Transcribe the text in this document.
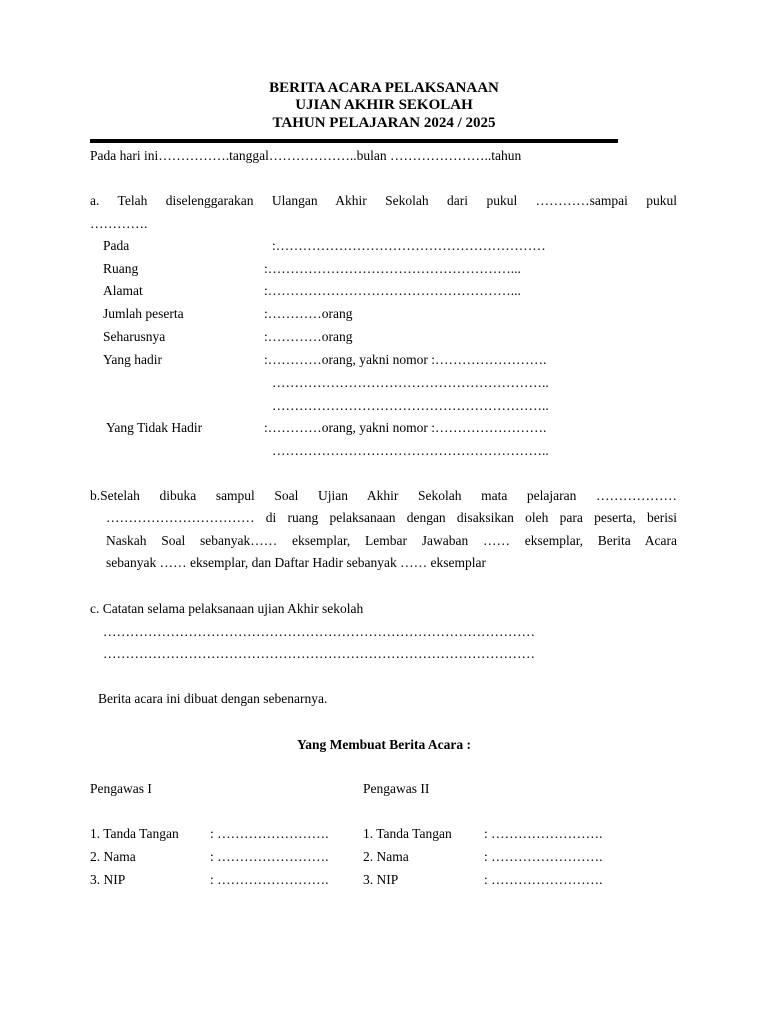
BERITA ACARA PELAKSANAAN
UJIAN AKHIR SEKOLAH
TAHUN PELAJARAN 2024 / 2025
Pada hari ini…………….tanggal………………..bulan …………………..tahun
a. Telah diselenggarakan Ulangan Akhir Sekolah dari pukul …………sampai pukul
………….
Pada	:……………………………………………………
Ruang	:………………………………………………...
Alamat	:………………………………………………...
Jumlah peserta	:…………orang
Seharusnya	:…………orang
Yang hadir	:…………orang, yakni nomor :…………………….
……………………………………………………..
……………………………………………………..
Yang Tidak Hadir	:…………orang, yakni nomor :…………………….
……………………………………………………..
b.Setelah dibuka sampul Soal Ujian Akhir Sekolah mata pelajaran ………………
…………………………… di ruang pelaksanaan dengan disaksikan oleh para peserta, berisi
Naskah Soal sebanyak…… eksemplar, Lembar Jawaban …… eksemplar, Berita Acara
sebanyak …… eksemplar, dan Daftar Hadir sebanyak …… eksemplar
c. Catatan selama pelaksanaan ujian Akhir sekolah
……………………………………………………………………………………
……………………………………………………………………………………
Berita acara ini dibuat dengan sebenarnya.
Yang Membuat Berita Acara :
Pengawas I	Pengawas II
1. Tanda Tangan : …………………….	1. Tanda Tangan : …………………….
2. Nama	: …………………….	2. Nama	: …………………….
3. NIP	: …………………….	3. NIP	: …………………….
